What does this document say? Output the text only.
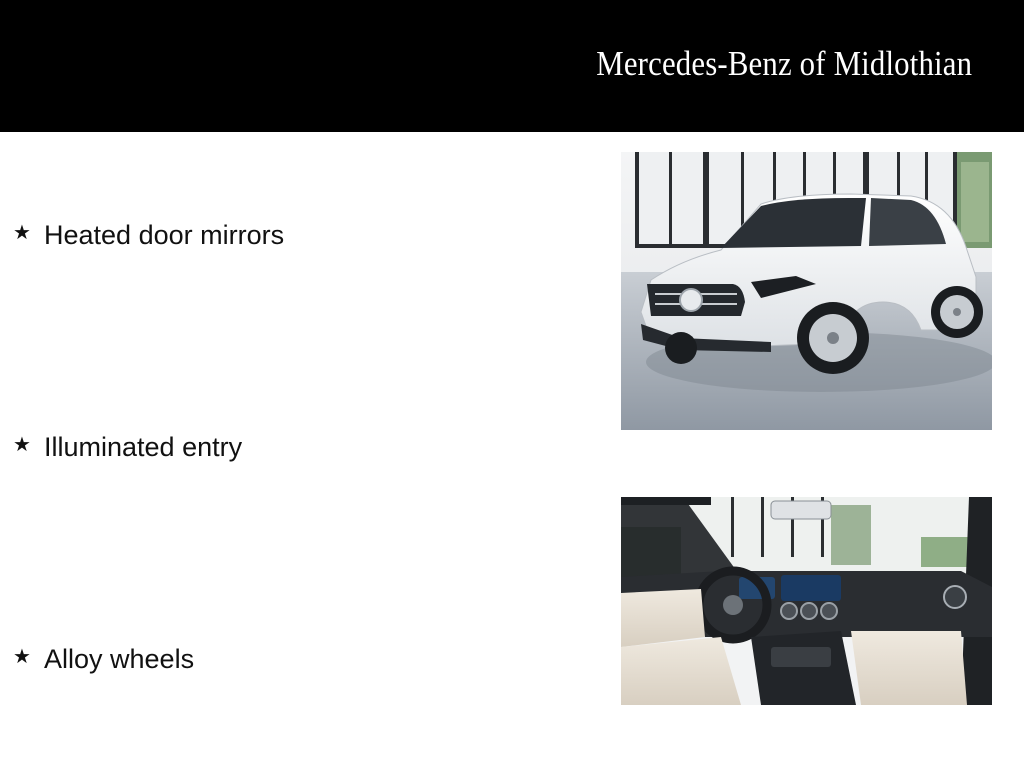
Mercedes-Benz of Midlothian
★ Heated door mirrors
★ Illuminated entry
★ Alloy wheels
